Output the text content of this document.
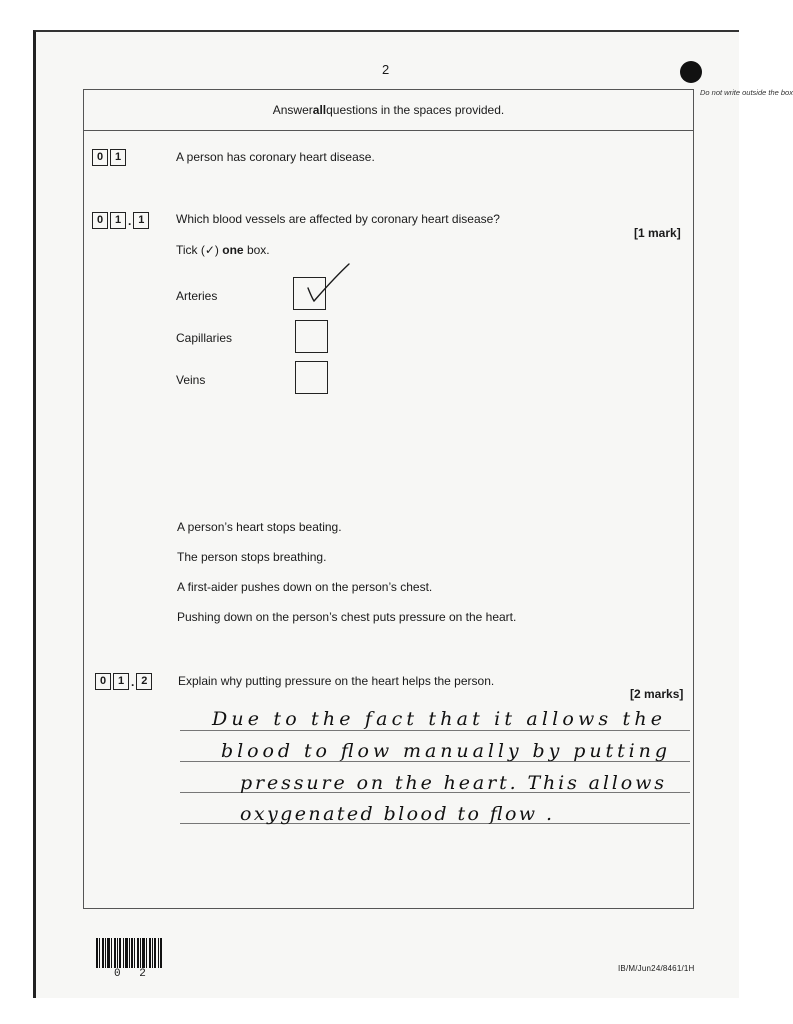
2
Do not write outside the box
Answer all questions in the spaces provided.
0	1	A person has coronary heart disease.
0	1 . 1	Which blood vessels are affected by coronary heart disease?
[1 mark]
Tick (✓) one box.
Arteries
Capillaries
Veins
A person’s heart stops beating.
The person stops breathing.
A first-aider pushes down on the person’s chest.
Pushing down on the person’s chest puts pressure on the heart.
0	1 . 2	Explain why putting pressure on the heart helps the person.
[2 marks]
Due to the fact that it allows the
blood to flow manually by putting
pressure on the heart. This allows
oxygenated blood to flow .
0 2	IB/M/Jun24/8461/1H
